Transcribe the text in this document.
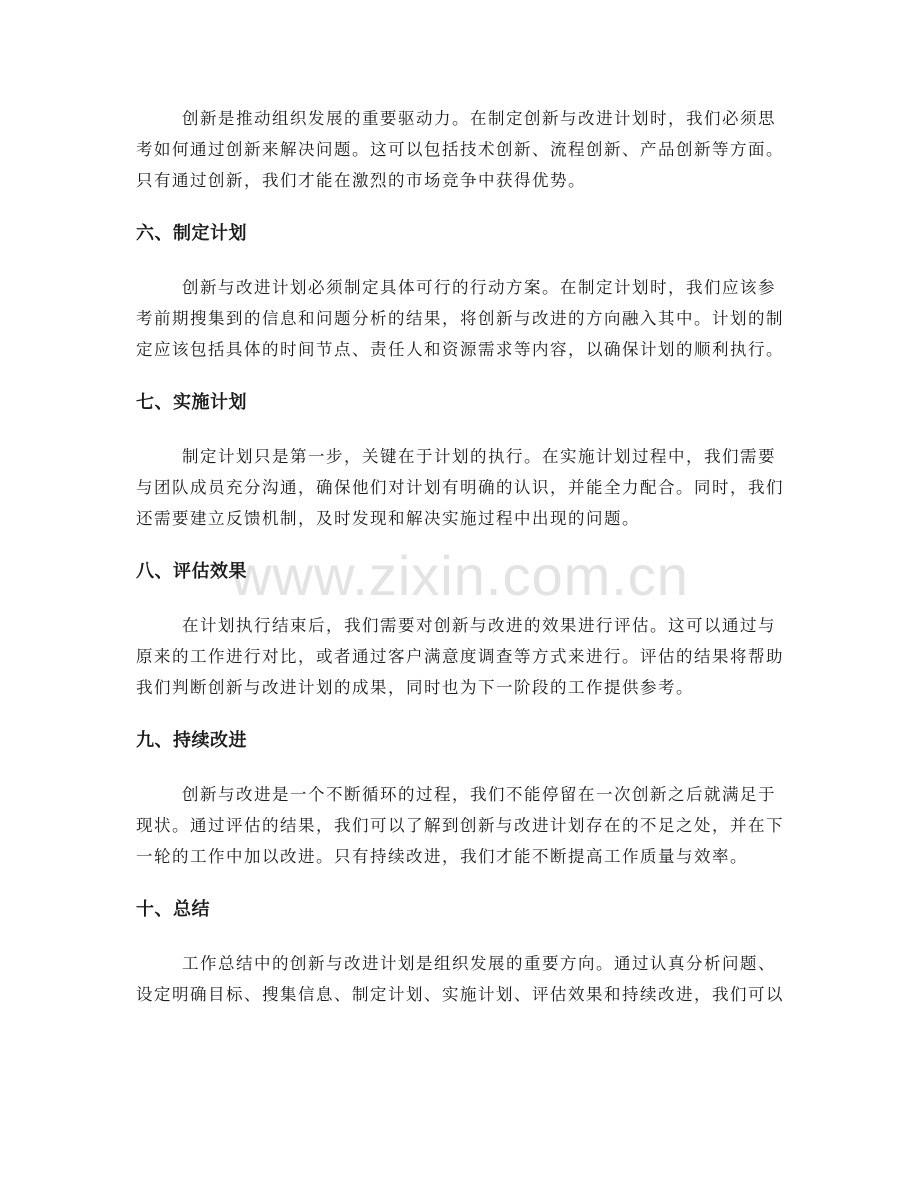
www.zixin.com.cn

创新是推动组织发展的重要驱动力。在制定创新与改进计划时，我们必须思
考如何通过创新来解决问题。这可以包括技术创新、流程创新、产品创新等方面。
只有通过创新，我们才能在激烈的市场竞争中获得优势。

六、制定计划

创新与改进计划必须制定具体可行的行动方案。在制定计划时，我们应该参
考前期搜集到的信息和问题分析的结果，将创新与改进的方向融入其中。计划的制
定应该包括具体的时间节点、责任人和资源需求等内容，以确保计划的顺利执行。

七、实施计划

制定计划只是第一步，关键在于计划的执行。在实施计划过程中，我们需要
与团队成员充分沟通，确保他们对计划有明确的认识，并能全力配合。同时，我们
还需要建立反馈机制，及时发现和解决实施过程中出现的问题。

八、评估效果

在计划执行结束后，我们需要对创新与改进的效果进行评估。这可以通过与
原来的工作进行对比，或者通过客户满意度调查等方式来进行。评估的结果将帮助
我们判断创新与改进计划的成果，同时也为下一阶段的工作提供参考。

九、持续改进

创新与改进是一个不断循环的过程，我们不能停留在一次创新之后就满足于
现状。通过评估的结果，我们可以了解到创新与改进计划存在的不足之处，并在下
一轮的工作中加以改进。只有持续改进，我们才能不断提高工作质量与效率。

十、总结

工作总结中的创新与改进计划是组织发展的重要方向。通过认真分析问题、
设定明确目标、搜集信息、制定计划、实施计划、评估效果和持续改进，我们可以
